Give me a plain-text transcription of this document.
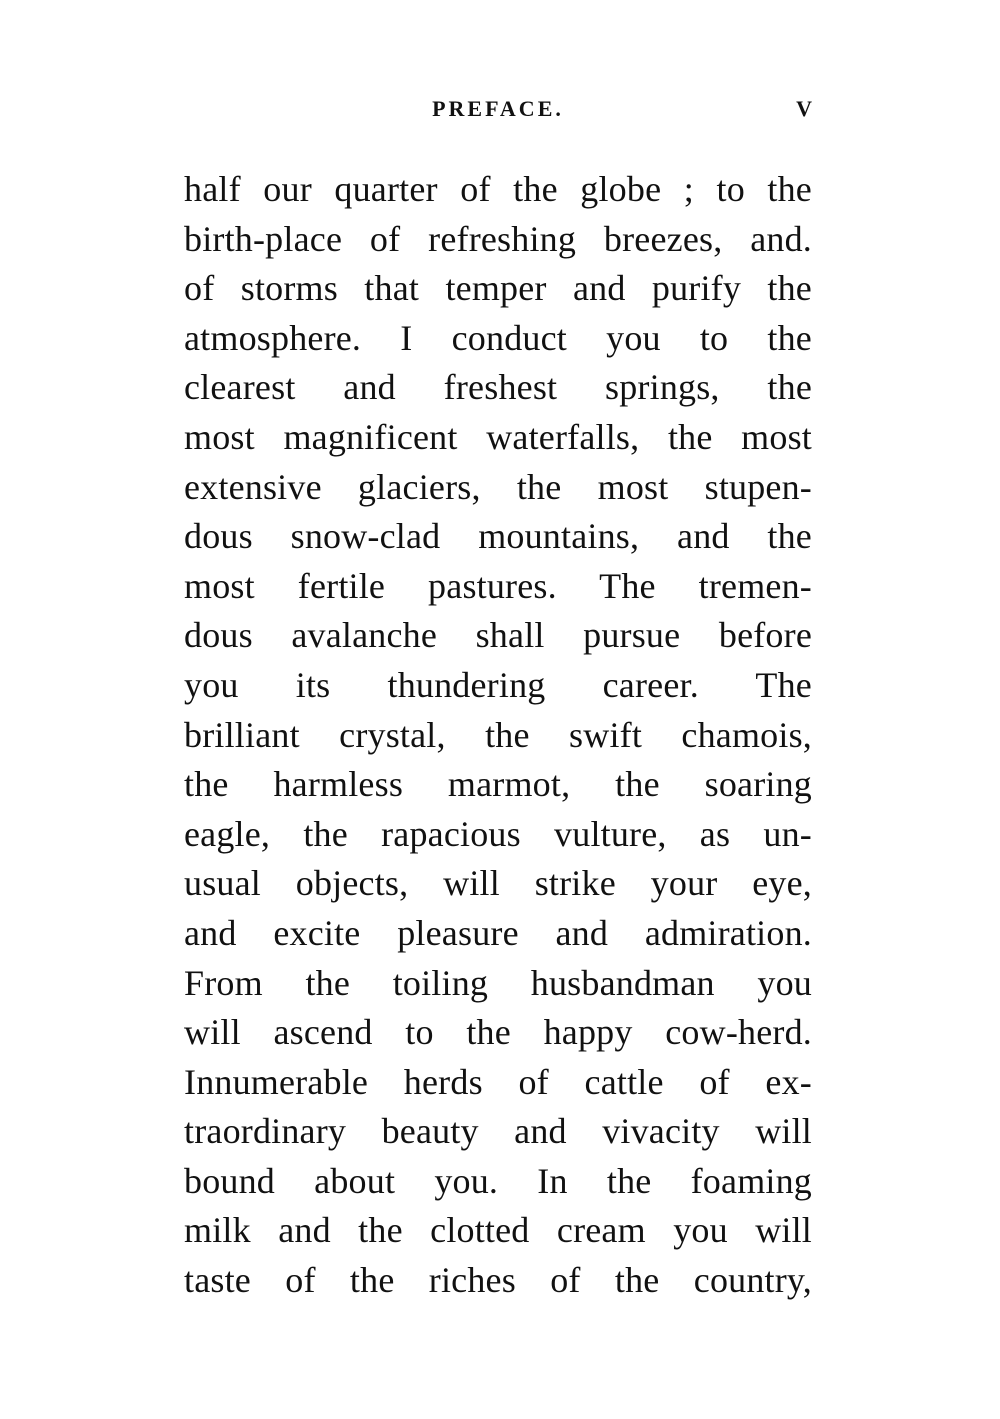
PREFACE.	V
half our quarter of the globe ; to the
birth-place of refreshing breezes, and.
of storms that temper and purify the
atmosphere. I conduct you to the
clearest and freshest springs, the
most magnificent waterfalls, the most
extensive glaciers, the most stupen-
dous snow-clad mountains, and the
most fertile pastures. The tremen-
dous avalanche shall pursue before
you its thundering career. The
brilliant crystal, the swift chamois,
the harmless marmot, the soaring
eagle, the rapacious vulture, as un-
usual objects, will strike your eye,
and excite pleasure and admiration.
From the toiling husbandman you
will ascend to the happy cow-herd.
Innumerable herds of cattle of ex-
traordinary beauty and vivacity will
bound about you. In the foaming
milk and the clotted cream you will
taste of the riches of the country,
